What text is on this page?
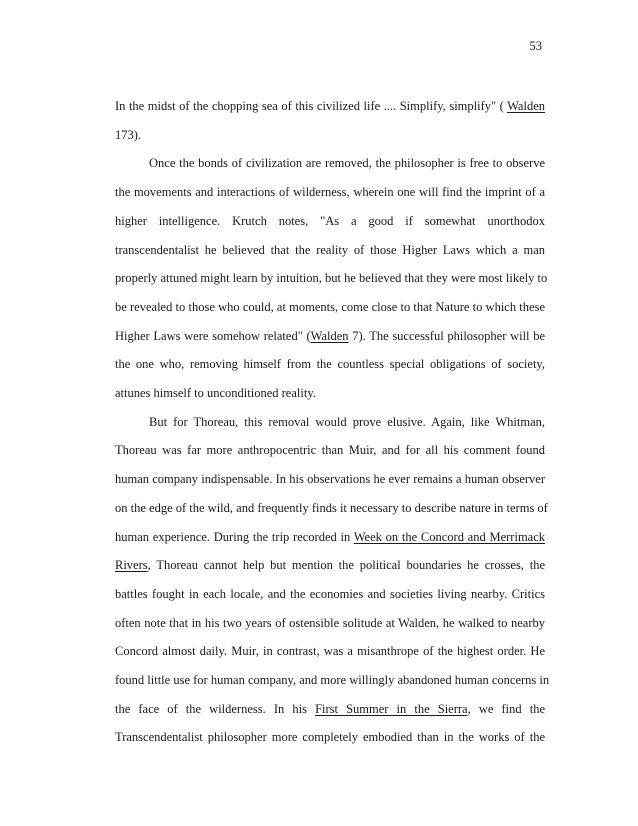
53
In the midst of the chopping sea of this civilized life .... Simplify, simplify" ( Walden
173).
Once the bonds of civilization are removed, the philosopher is free to observe
the movements and interactions of wilderness, wherein one will find the imprint of a
higher intelligence. Krutch notes, "As a good if somewhat unorthodox
transcendentalist he believed that the reality of those Higher Laws which a man
properly attuned might learn by intuition, but he believed that they were most likely to
be revealed to those who could, at moments, come close to that Nature to which these
Higher Laws were somehow related" (Walden 7). The successful philosopher will be
the one who, removing himself from the countless special obligations of society,
attunes himself to unconditioned reality.
But for Thoreau, this removal would prove elusive. Again, like Whitman,
Thoreau was far more anthropocentric than Muir, and for all his comment found
human company indispensable. In his observations he ever remains a human observer
on the edge of the wild, and frequently finds it necessary to describe nature in terms of
human experience. During the trip recorded in Week on the Concord and Merrimack
Rivers, Thoreau cannot help but mention the political boundaries he crosses, the
battles fought in each locale, and the economies and societies living nearby. Critics
often note that in his two years of ostensible solitude at Walden, he walked to nearby
Concord almost daily. Muir, in contrast, was a misanthrope of the highest order. He
found little use for human company, and more willingly abandoned human concerns in
the face of the wilderness. In his First Summer in the Sierra, we find the
Transcendentalist philosopher more completely embodied than in the works of the
